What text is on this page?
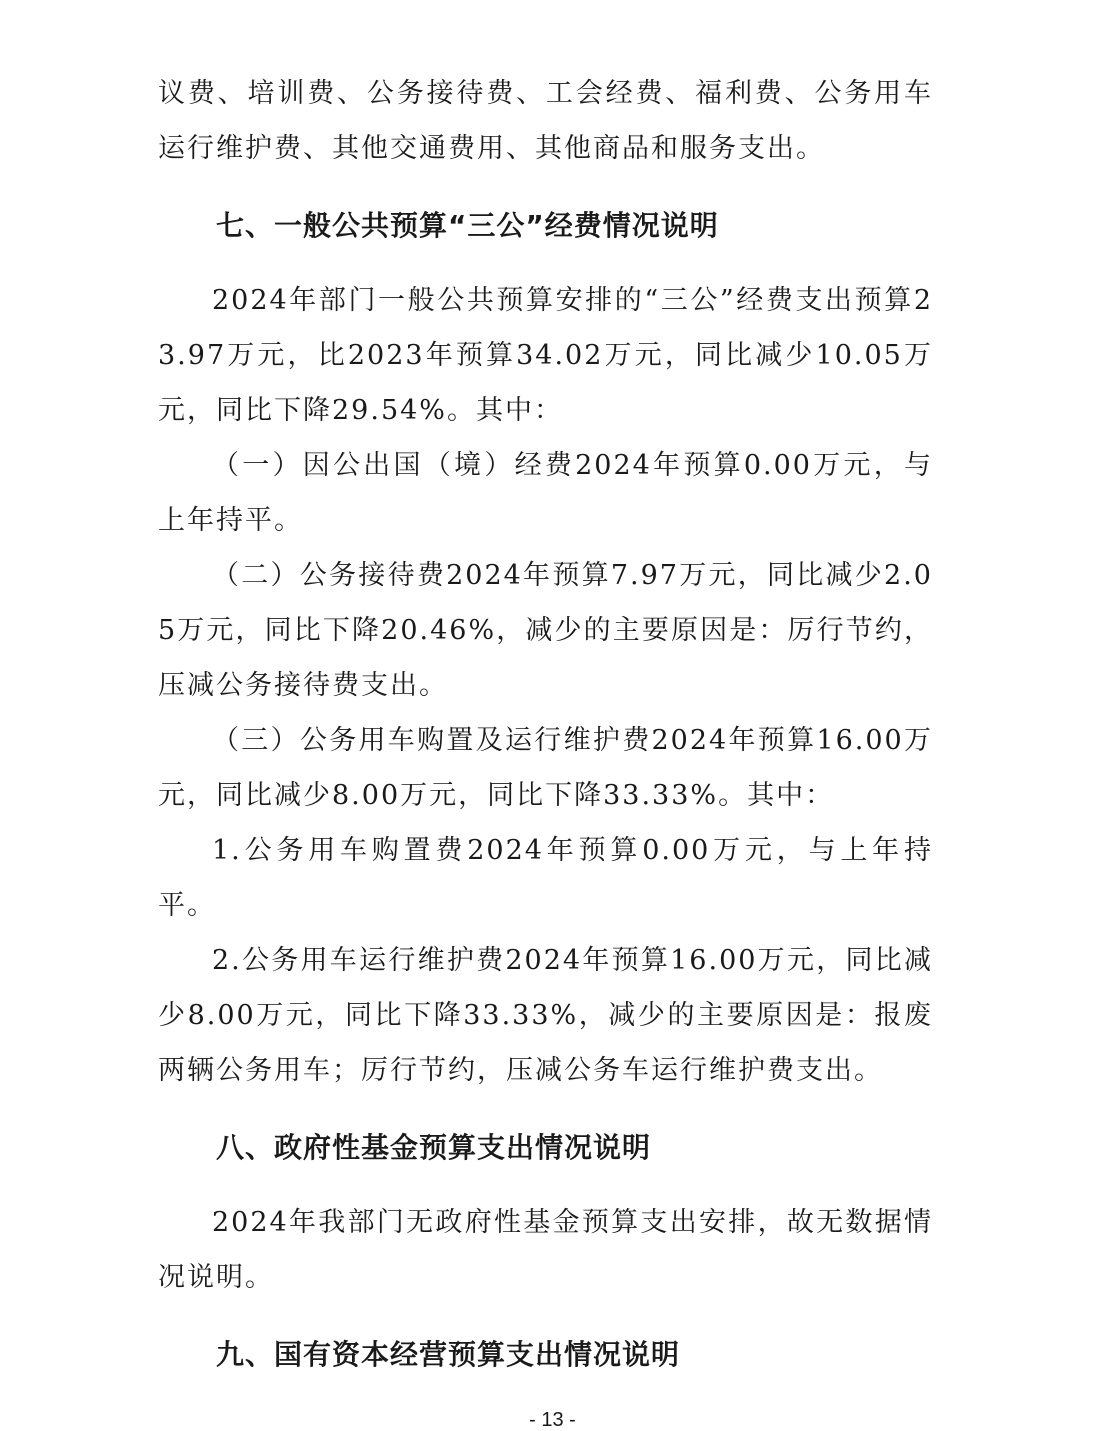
议费、培训费、公务接待费、工会经费、福利费、公务用车运行维护费、其他交通费用、其他商品和服务支出。

七、一般公共预算“三公”经费情况说明

2024年部门一般公共预算安排的“三公”经费支出预算23.97万元，比2023年预算34.02万元，同比减少10.05万元，同比下降29.54%。其中：

（一）因公出国（境）经费2024年预算0.00万元，与上年持平。

（二）公务接待费2024年预算7.97万元，同比减少2.05万元，同比下降20.46%，减少的主要原因是：厉行节约，压减公务接待费支出。

（三）公务用车购置及运行维护费2024年预算16.00万元，同比减少8.00万元，同比下降33.33%。其中：

1.公务用车购置费2024年预算0.00万元，与上年持平。

2.公务用车运行维护费2024年预算16.00万元，同比减少8.00万元，同比下降33.33%，减少的主要原因是：报废两辆公务用车；厉行节约，压减公务车运行维护费支出。

八、政府性基金预算支出情况说明

2024年我部门无政府性基金预算支出安排，故无数据情况说明。

九、国有资本经营预算支出情况说明
- 13 -
